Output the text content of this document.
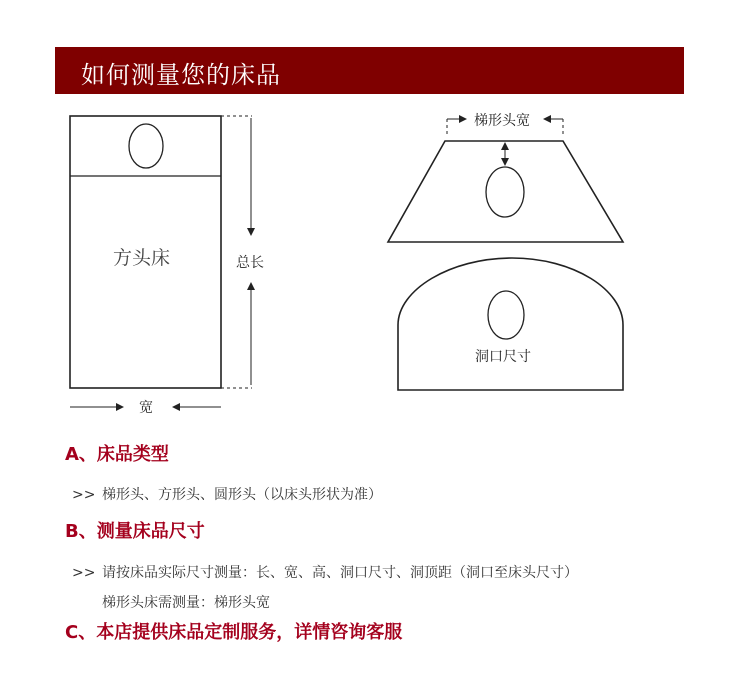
如何测量您的床品
方头床	总长
宽
梯形头宽
洞口尺寸
A、床品类型
>> 梯形头、方形头、圆形头（以床头形状为准）
B、测量床品尺寸
>> 请按床品实际尺寸测量：长、宽、高、洞口尺寸、洞顶距（洞口至床头尺寸）
梯形头床需测量：梯形头宽
C、本店提供床品定制服务，详情咨询客服
